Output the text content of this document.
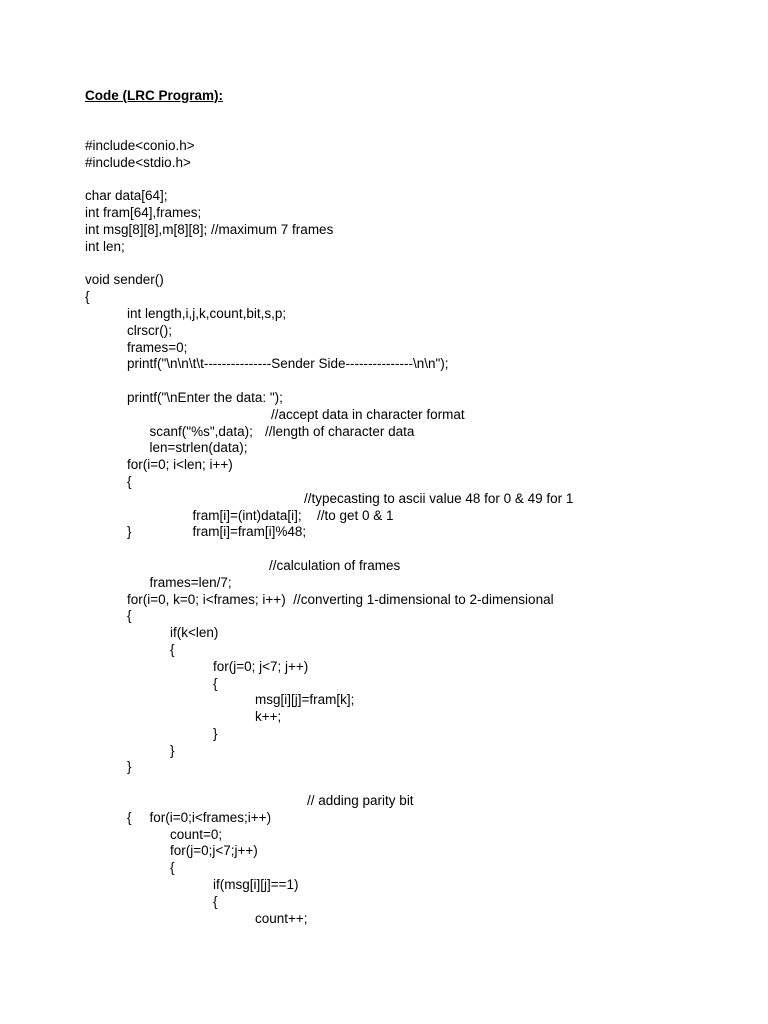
Code (LRC Program):
#include<conio.h>
#include<stdio.h>
char data[64];
int fram[64],frames;
int msg[8][8],m[8][8]; //maximum 7 frames
int len;
void sender()
{
int length,i,j,k,count,bit,s,p;
clrscr();
frames=0;
printf("\n\n\t\t---------------Sender Side---------------\n\n");
printf("\nEnter the data: ");

scanf("%s",data);

//accept data in character format

len=strlen(data);

//length of character data

for(i=0; i<len; i++)
{

fram[i]=(int)data[i];

//typecasting to ascii value 48 for 0 & 49 for 1

fram[i]=fram[i]%48;

//to get 0 & 1

}

frames=len/7;

//calculation of frames

for(i=0, k=0; i<frames; i++)  //converting 1-dimensional to 2-dimensional
{
if(k<len)
{
for(j=0; j<7; j++)
{
msg[i][j]=fram[k];
k++;
}
}
}

for(i=0;i<frames;i++)

// adding parity bit

{
count=0;
for(j=0;j<7;j++)
{
if(msg[i][j]==1)
{
count++;
